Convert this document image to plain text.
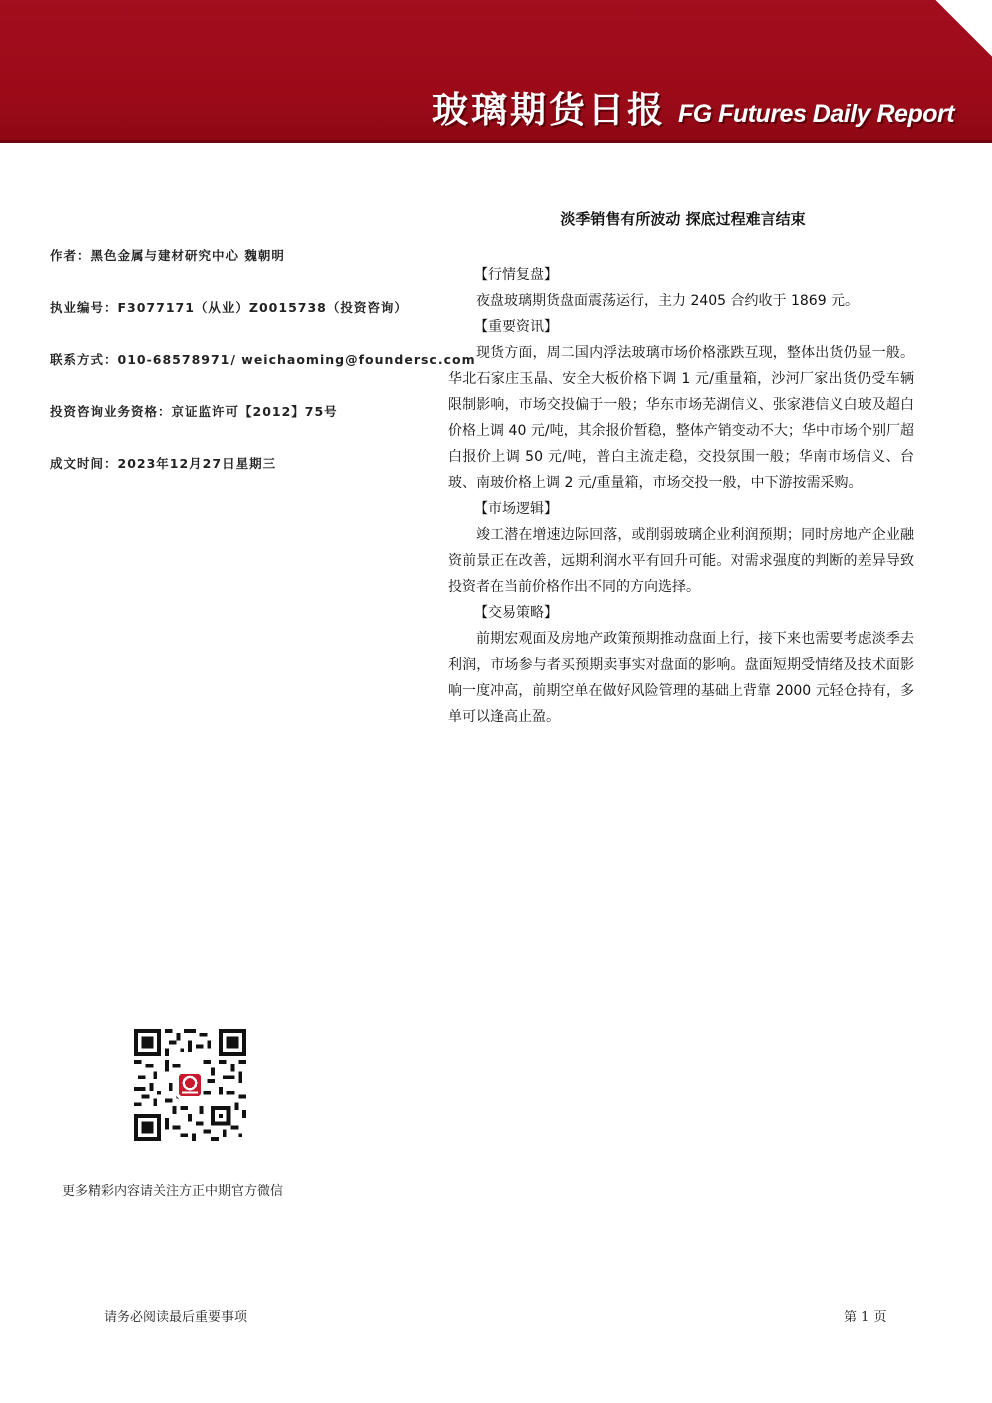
玻璃期货日报 FG Futures Daily Report
淡季销售有所波动 探底过程难言结束
作者：黑色金属与建材研究中心 魏朝明
执业编号：F3077171（从业）Z0015738（投资咨询）
联系方式：010-68578971/ weichaoming@foundersc.com
投资咨询业务资格：京证监许可【2012】75号
成文时间：2023年12月27日星期三
【行情复盘】

夜盘玻璃期货盘面震荡运行，主力 2405 合约收于 1869 元。

【重要资讯】

现货方面，周二国内浮法玻璃市场价格涨跌互现，整体出货仍显一般。华北石家庄玉晶、安全大板价格下调 1 元/重量箱，沙河厂家出货仍受车辆限制影响，市场交投偏于一般；华东市场芜湖信义、张家港信义白玻及超白价格上调 40 元/吨，其余报价暂稳，整体产销变动不大；华中市场个别厂超白报价上调 50 元/吨，普白主流走稳，交投氛围一般；华南市场信义、台玻、南玻价格上调 2 元/重量箱，市场交投一般，中下游按需采购。

【市场逻辑】

竣工潜在增速边际回落，或削弱玻璃企业利润预期；同时房地产企业融资前景正在改善，远期利润水平有回升可能。对需求强度的判断的差异导致投资者在当前价格作出不同的方向选择。

【交易策略】

前期宏观面及房地产政策预期推动盘面上行，接下来也需要考虑淡季去利润，市场参与者买预期卖事实对盘面的影响。盘面短期受情绪及技术面影响一度冲高，前期空单在做好风险管理的基础上背靠 2000 元轻仓持有，多单可以逢高止盈。

更多精彩内容请关注方正中期官方微信
请务必阅读最后重要事项	第 1 页
